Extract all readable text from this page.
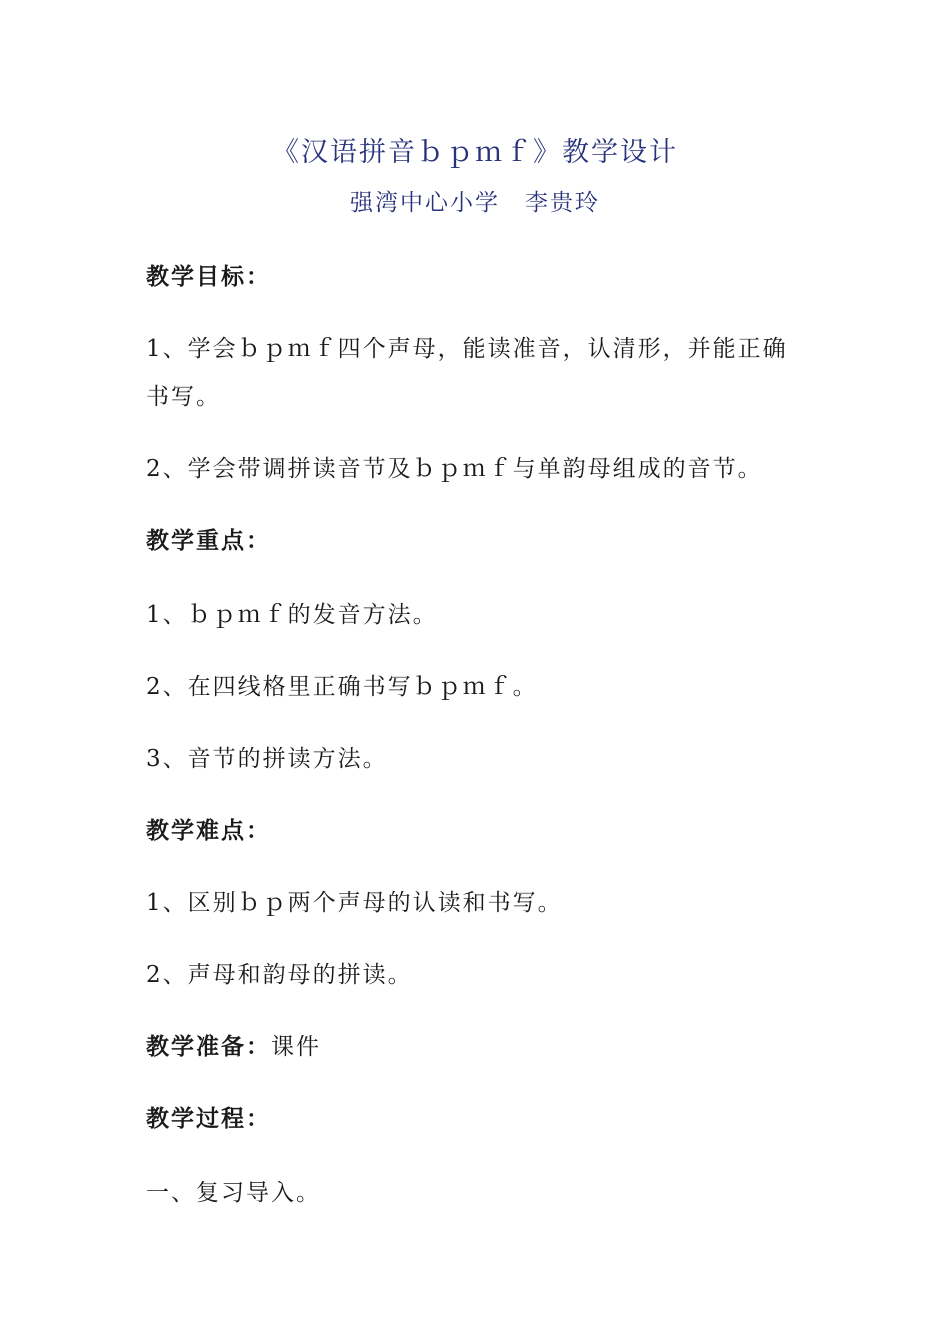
《汉语拼音ｂｐｍｆ》教学设计
强湾中心小学　李贵玲
教学目标：
1、学会ｂｐｍｆ四个声母，能读准音，认清形，并能正确
书写。
2、学会带调拼读音节及ｂｐｍｆ与单韵母组成的音节。
教学重点：
1、ｂｐｍｆ的发音方法。
2、在四线格里正确书写ｂｐｍｆ。
3、音节的拼读方法。
教学难点：
1、区别ｂｐ两个声母的认读和书写。
2、声母和韵母的拼读。
教学准备：课件
教学过程：
一、复习导入。
